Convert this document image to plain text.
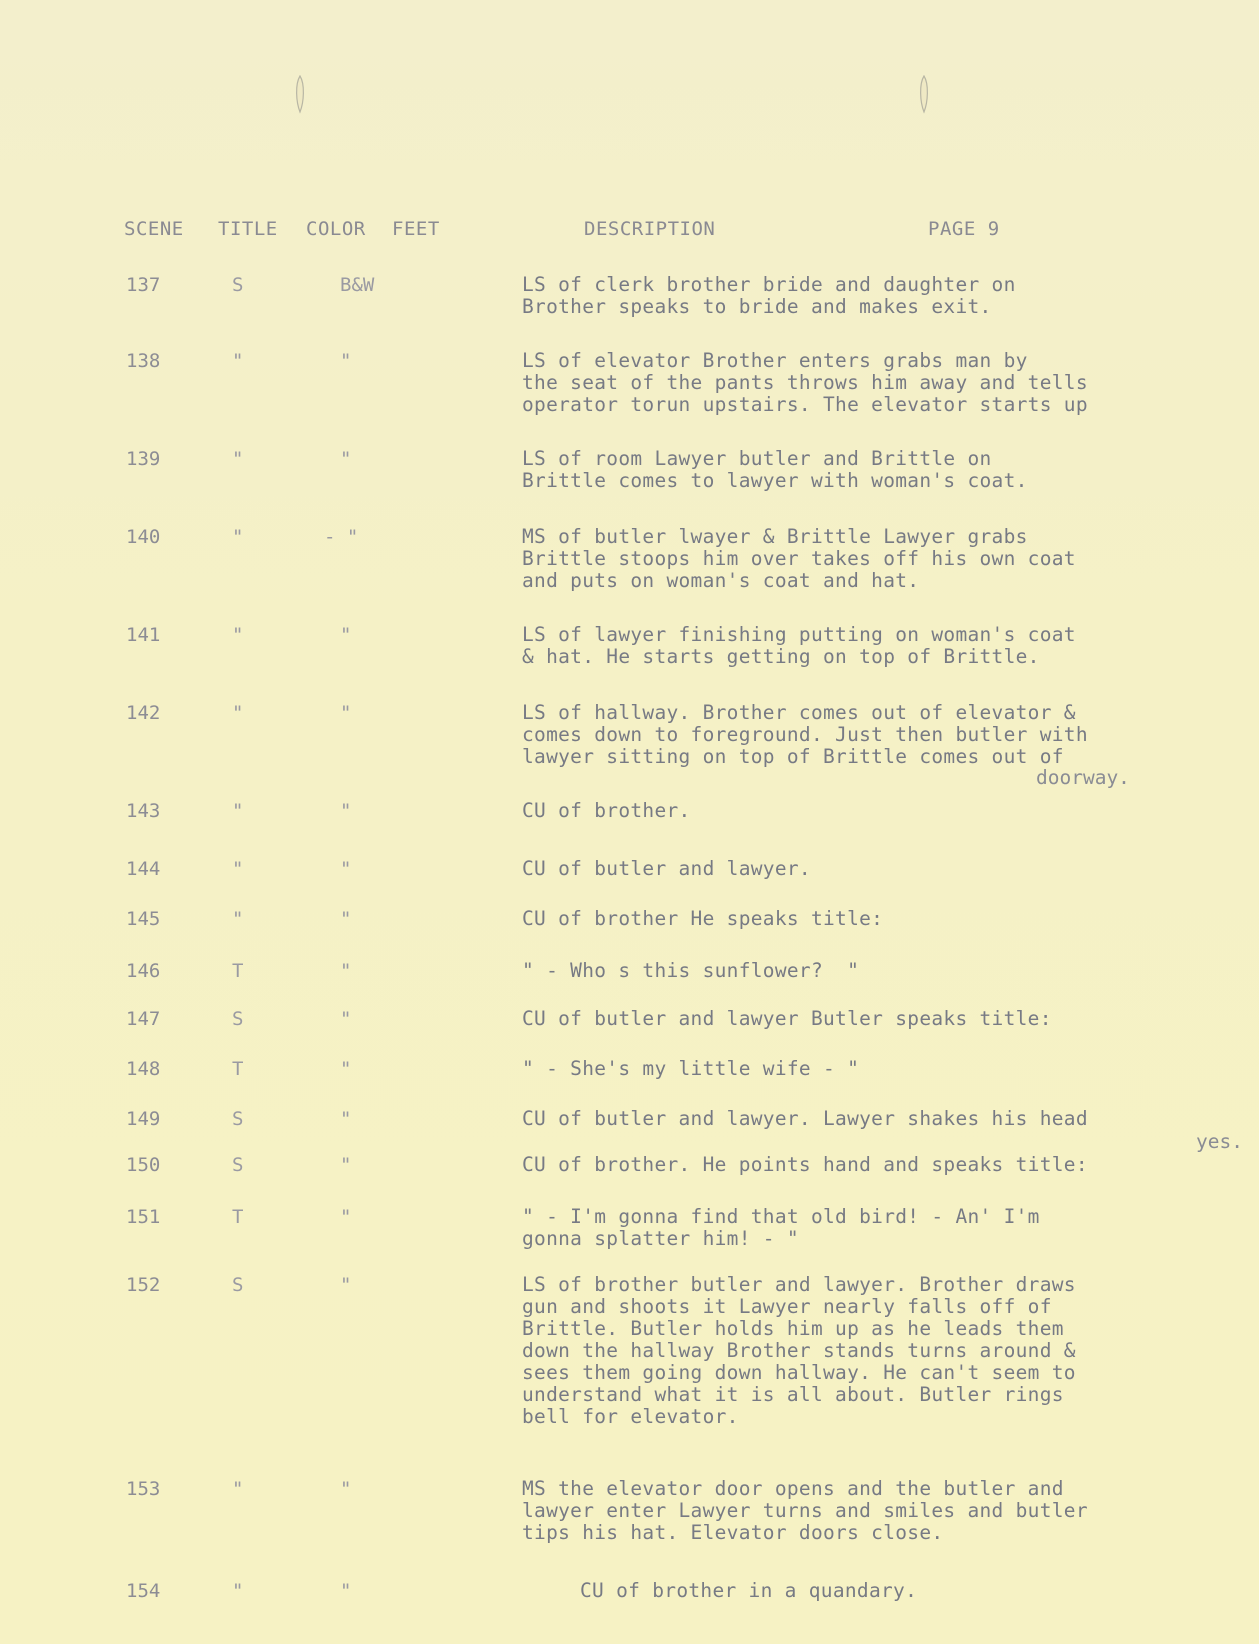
SCENE TITLE COLOR FEET	DESCRIPTION	PAGE 9
137	S	B&W	LS of clerk brother bride and daughter on
Brother speaks to bride and makes exit.
138	"	"	LS of elevator Brother enters grabs man by
the seat of the pants throws him away and tells
operator torun upstairs. The elevator starts up
139	"	"	LS of room Lawyer butler and Brittle on
Brittle comes to lawyer with woman's coat.
140	"	- "	MS of butler lwayer & Brittle Lawyer grabs
Brittle stoops him over takes off his own coat
and puts on woman's coat and hat.
141	"	"	LS of lawyer finishing putting on woman's coat
& hat. He starts getting on top of Brittle.
142	"	"	LS of hallway. Brother comes out of elevator &
comes down to foreground. Just then butler with
lawyer sitting on top of Brittle comes out of
doorway.
143	"	"	CU of brother.
144	"	"	CU of butler and lawyer.
145	"	"	CU of brother He speaks title:
146	T	"	" - Who s this sunflower?  "
147	S	"	CU of butler and lawyer Butler speaks title:
148	T	"	" - She's my little wife - "
149	S	"	CU of butler and lawyer. Lawyer shakes his head
yes.
150	S	"	CU of brother. He points hand and speaks title:
151	T	"	" - I'm gonna find that old bird! - An' I'm
gonna splatter him! - "
152	S	"	LS of brother butler and lawyer. Brother draws
gun and shoots it Lawyer nearly falls off of
Brittle. Butler holds him up as he leads them
down the hallway Brother stands turns around &
sees them going down hallway. He can't seem to
understand what it is all about. Butler rings
bell for elevator.
153	"	"	MS the elevator door opens and the butler and
lawyer enter Lawyer turns and smiles and butler
tips his hat. Elevator doors close.
154	"	"	CU of brother in a quandary.
